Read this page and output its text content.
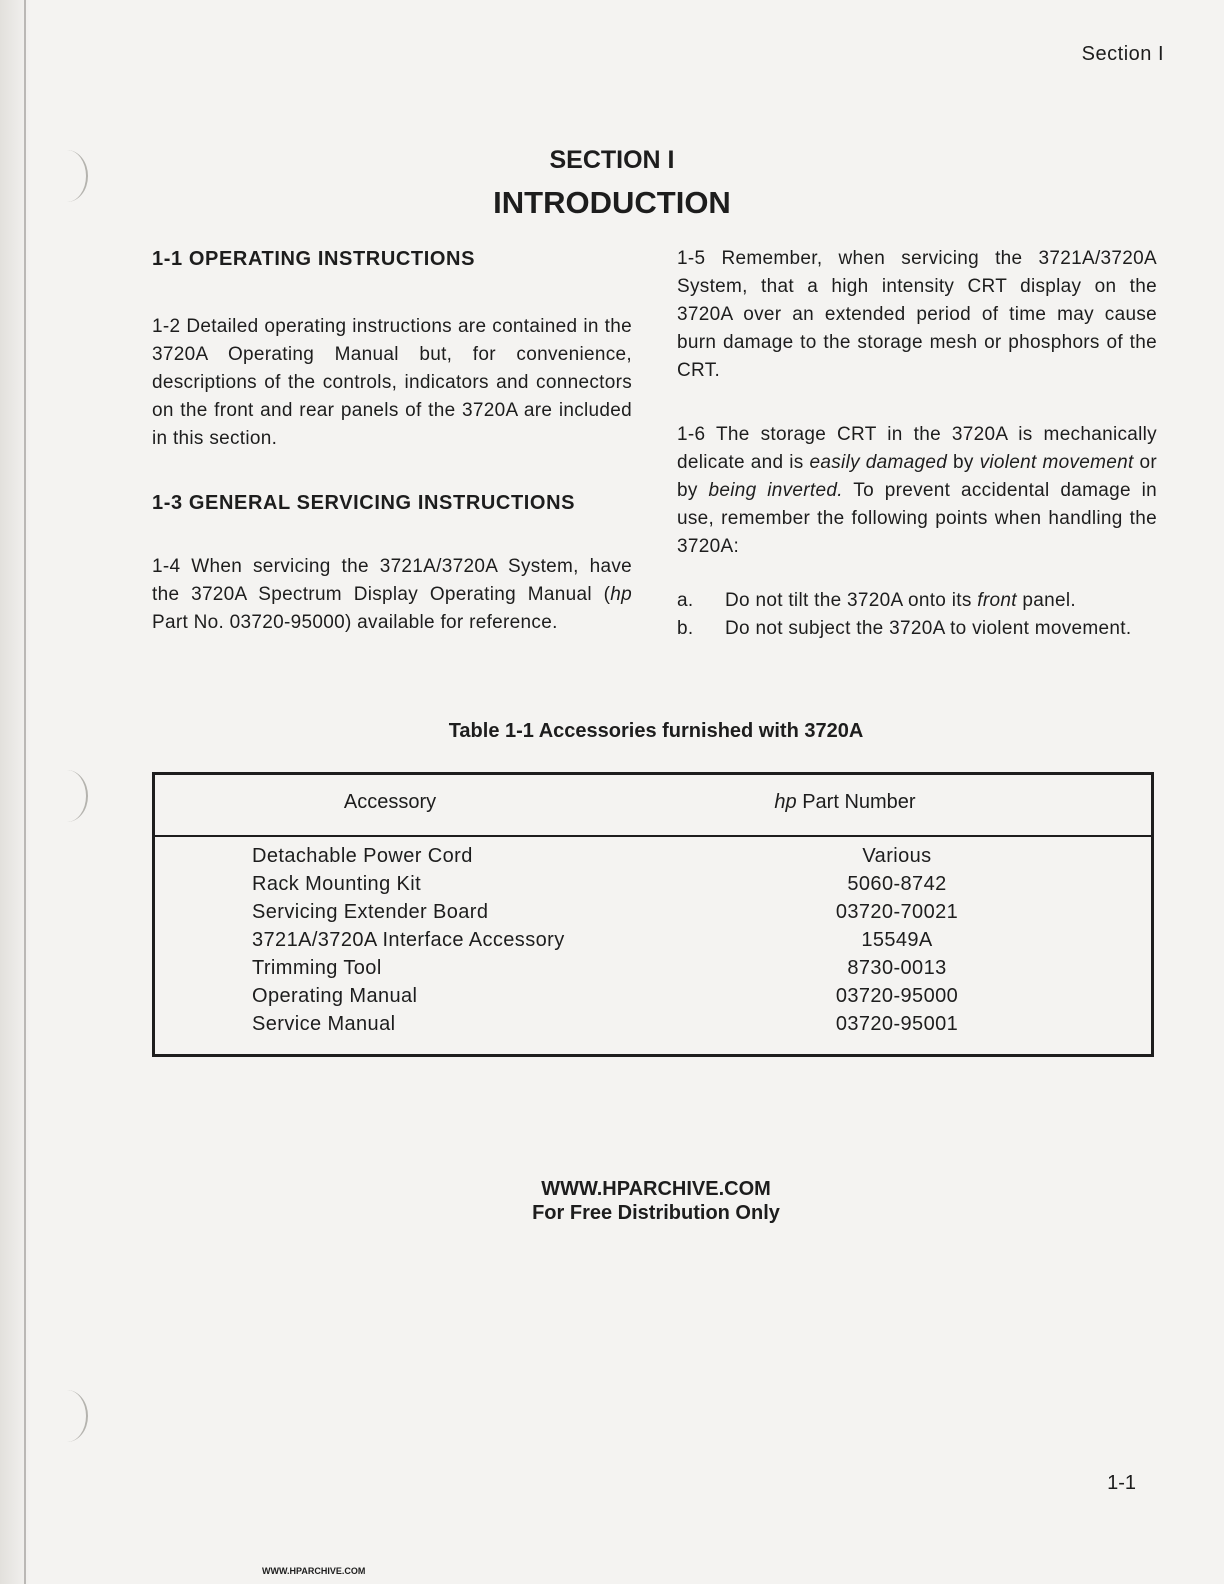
Section I
SECTION I
INTRODUCTION
1-1 OPERATING INSTRUCTIONS

1-2 Detailed operating instructions are contained in the 3720A Operating Manual but, for convenience, descriptions of the controls, indicators and connectors on the front and rear panels of the 3720A are included in this section.

1-3 GENERAL SERVICING INSTRUCTIONS

1-4 When servicing the 3721A/3720A System, have the 3720A Spectrum Display Operating Manual (hp Part No. 03720-95000) available for reference.

1-5 Remember, when servicing the 3721A/3720A System, that a high intensity CRT display on the 3720A over an extended period of time may cause burn damage to the storage mesh or phosphors of the CRT.

1-6 The storage CRT in the 3720A is mechanically delicate and is easily damaged by violent movement or by being inverted. To prevent accidental damage in use, remember the following points when handling the 3720A:

a.	Do not tilt the 3720A onto its front panel.
b.	Do not subject the 3720A to violent movement.
Table 1-1 Accessories furnished with 3720A
Accessory	hp Part Number
Detachable Power Cord	Various
Rack Mounting Kit	5060-8742
Servicing Extender Board	03720-70021
3721A/3720A Interface Accessory	15549A
Trimming Tool	8730-0013
Operating Manual	03720-95000
Service Manual	03720-95001
WWW.HPARCHIVE.COM
For Free Distribution Only
1-1
WWW.HPARCHIVE.COM
